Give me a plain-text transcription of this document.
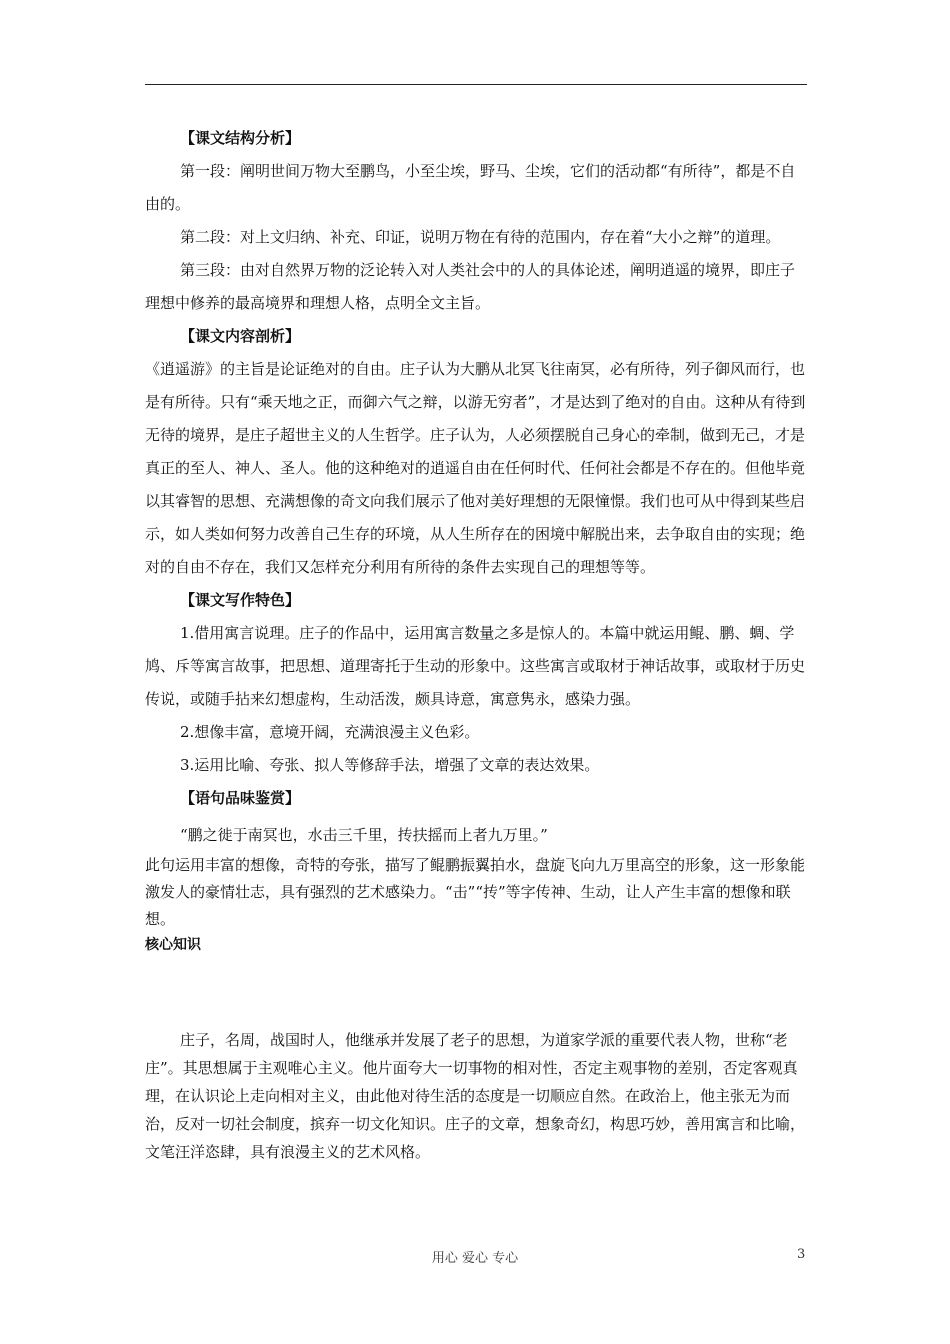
【课文结构分析】

第一段：阐明世间万物大至鹏鸟，小至尘埃，野马、尘埃，它们的活动都“有所待”，都是不自由的。

第二段：对上文归纳、补充、印证，说明万物在有待的范围内，存在着“大小之辩”的道理。

第三段：由对自然界万物的泛论转入对人类社会中的人的具体论述，阐明逍遥的境界，即庄子理想中修养的最高境界和理想人格，点明全文主旨。

【课文内容剖析】

《逍遥游》的主旨是论证绝对的自由。庄子认为大鹏从北冥飞往南冥，必有所待，列子御风而行，也是有所待。只有“乘天地之正，而御六气之辩，以游无穷者”，才是达到了绝对的自由。这种从有待到无待的境界，是庄子超世主义的人生哲学。庄子认为，人必须摆脱自己身心的牵制，做到无己，才是真正的至人、神人、圣人。他的这种绝对的逍遥自由在任何时代、任何社会都是不存在的。但他毕竟以其睿智的思想、充满想像的奇文向我们展示了他对美好理想的无限憧憬。我们也可从中得到某些启示，如人类如何努力改善自己生存的环境，从人生所存在的困境中解脱出来，去争取自由的实现；绝对的自由不存在，我们又怎样充分利用有所待的条件去实现自己的理想等等。

【课文写作特色】

1.借用寓言说理。庄子的作品中，运用寓言数量之多是惊人的。本篇中就运用鲲、鹏、蜩、学鸠、斥等寓言故事，把思想、道理寄托于生动的形象中。这些寓言或取材于神话故事，或取材于历史传说，或随手拈来幻想虚构，生动活泼，颇具诗意，寓意隽永，感染力强。

2.想像丰富，意境开阔，充满浪漫主义色彩。

3.运用比喻、夸张、拟人等修辞手法，增强了文章的表达效果。

【语句品味鉴赏】

“鹏之徙于南冥也，水击三千里，抟扶摇而上者九万里。”

此句运用丰富的想像，奇特的夸张，描写了鲲鹏振翼拍水，盘旋飞向九万里高空的形象，这一形象能激发人的豪情壮志，具有强烈的艺术感染力。“击”“抟”等字传神、生动，让人产生丰富的想像和联想。

核心知识

庄子，名周，战国时人，他继承并发展了老子的思想，为道家学派的重要代表人物，世称“老庄”。其思想属于主观唯心主义。他片面夸大一切事物的相对性，否定主观事物的差别，否定客观真理，在认识论上走向相对主义，由此他对待生活的态度是一切顺应自然。在政治上，他主张无为而治，反对一切社会制度，摈弃一切文化知识。庄子的文章，想象奇幻，构思巧妙，善用寓言和比喻，文笔汪洋恣肆，具有浪漫主义的艺术风格。

用心 爱心 专心	3
